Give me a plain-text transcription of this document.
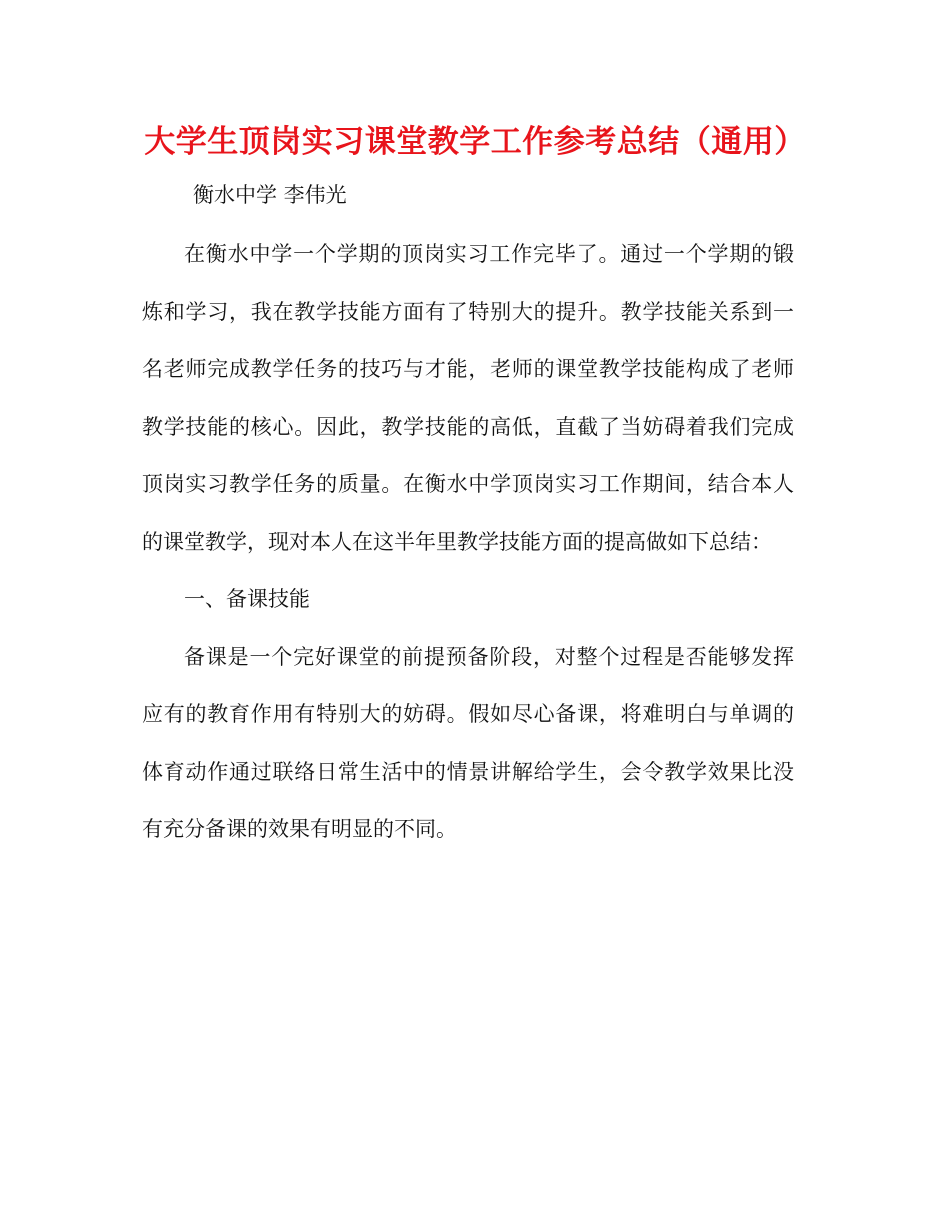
大学生顶岗实习课堂教学工作参考总结（通用）
衡水中学 李伟光
在衡水中学一个学期的顶岗实习工作完毕了。通过一个学期的锻
炼和学习，我在教学技能方面有了特别大的提升。教学技能关系到一
名老师完成教学任务的技巧与才能，老师的课堂教学技能构成了老师
教学技能的核心。因此，教学技能的高低，直截了当妨碍着我们完成
顶岗实习教学任务的质量。在衡水中学顶岗实习工作期间，结合本人
的课堂教学，现对本人在这半年里教学技能方面的提高做如下总结：
一、备课技能
备课是一个完好课堂的前提预备阶段，对整个过程是否能够发挥
应有的教育作用有特别大的妨碍。假如尽心备课，将难明白与单调的
体育动作通过联络日常生活中的情景讲解给学生，会令教学效果比没
有充分备课的效果有明显的不同。
